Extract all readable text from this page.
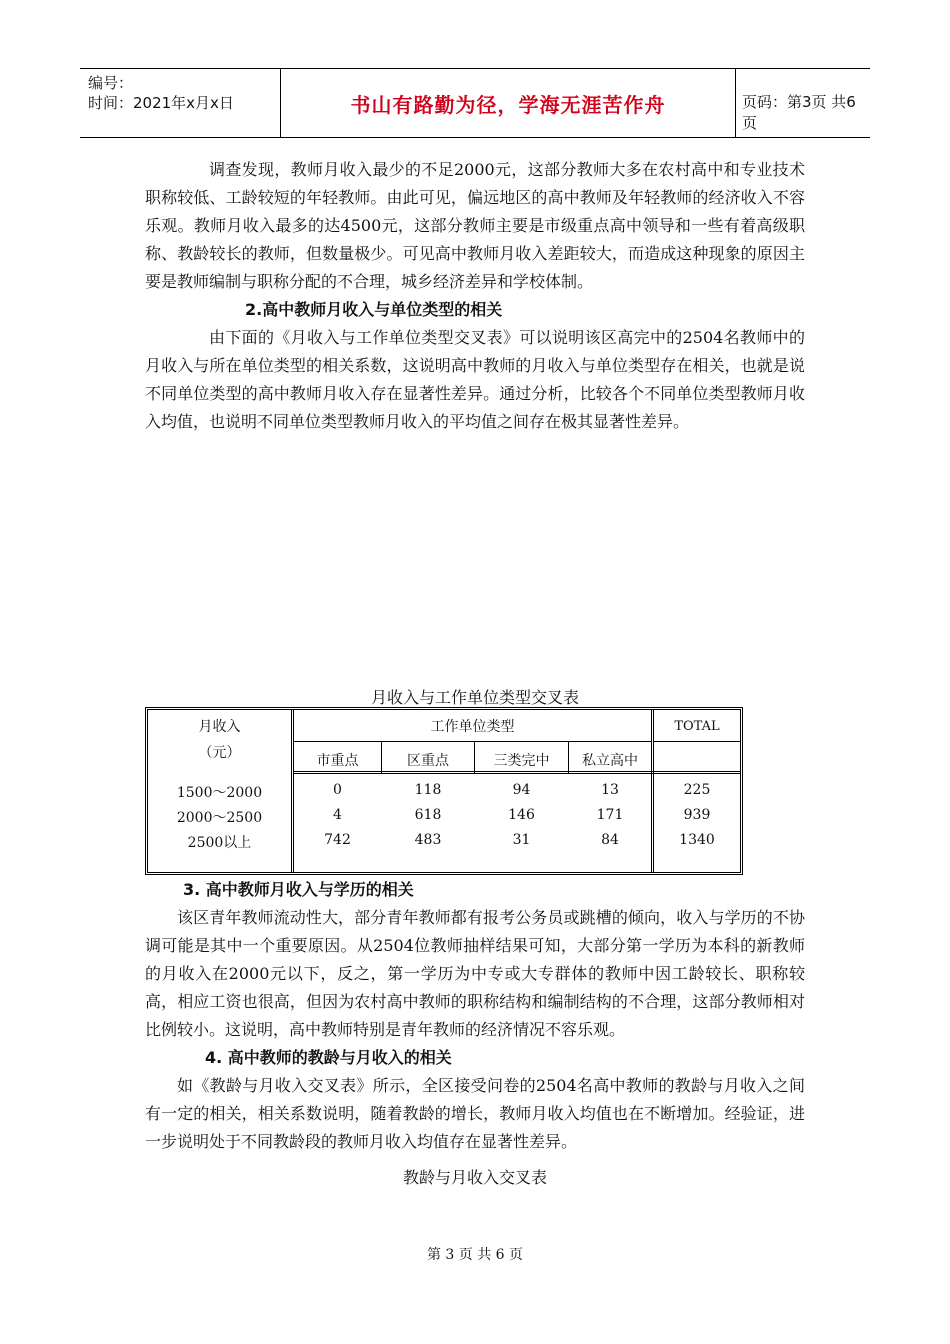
编号：
时间：2021年x月x日	书山有路勤为径，学海无涯苦作舟	页码：第3页 共6页

调查发现，教师月收入最少的不足2000元，这部分教师大多在农村高中和专业技术职称较低、工龄较短的年轻教师。由此可见，偏远地区的高中教师及年轻教师的经济收入不容乐观。教师月收入最多的达4500元，这部分教师主要是市级重点高中领导和一些有着高级职称、教龄较长的教师，但数量极少。可见高中教师月收入差距较大，而造成这种现象的原因主要是教师编制与职称分配的不合理，城乡经济差异和学校体制。

2.高中教师月收入与单位类型的相关

由下面的《月收入与工作单位类型交叉表》可以说明该区高完中的2504名教师中的月收入与所在单位类型的相关系数，这说明高中教师的月收入与单位类型存在相关，也就是说不同单位类型的高中教师月收入存在显著性差异。通过分析，比较各个不同单位类型教师月收入均值，也说明不同单位类型教师月收入的平均值之间存在极其显著性差异。

月收入与工作单位类型交叉表
月收入
（元）
工作单位类型	TOTAL
市重点	区重点	三类完中	私立高中
1500～2000	0	118	94	13	225
2000～2500	4	618	146	171	939
2500以上	742	483	31	84	1340

3. 高中教师月收入与学历的相关

该区青年教师流动性大，部分青年教师都有报考公务员或跳槽的倾向，收入与学历的不协调可能是其中一个重要原因。从2504位教师抽样结果可知，大部分第一学历为本科的新教师的月收入在2000元以下，反之，第一学历为中专或大专群体的教师中因工龄较长、职称较高，相应工资也很高，但因为农村高中教师的职称结构和编制结构的不合理，这部分教师相对比例较小。这说明，高中教师特别是青年教师的经济情况不容乐观。

4. 高中教师的教龄与月收入的相关

如《教龄与月收入交叉表》所示，全区接受问卷的2504名高中教师的教龄与月收入之间有一定的相关，相关系数说明，随着教龄的增长，教师月收入均值也在不断增加。经验证，进一步说明处于不同教龄段的教师月收入均值存在显著性差异。

教龄与月收入交叉表

第 3 页 共 6 页
